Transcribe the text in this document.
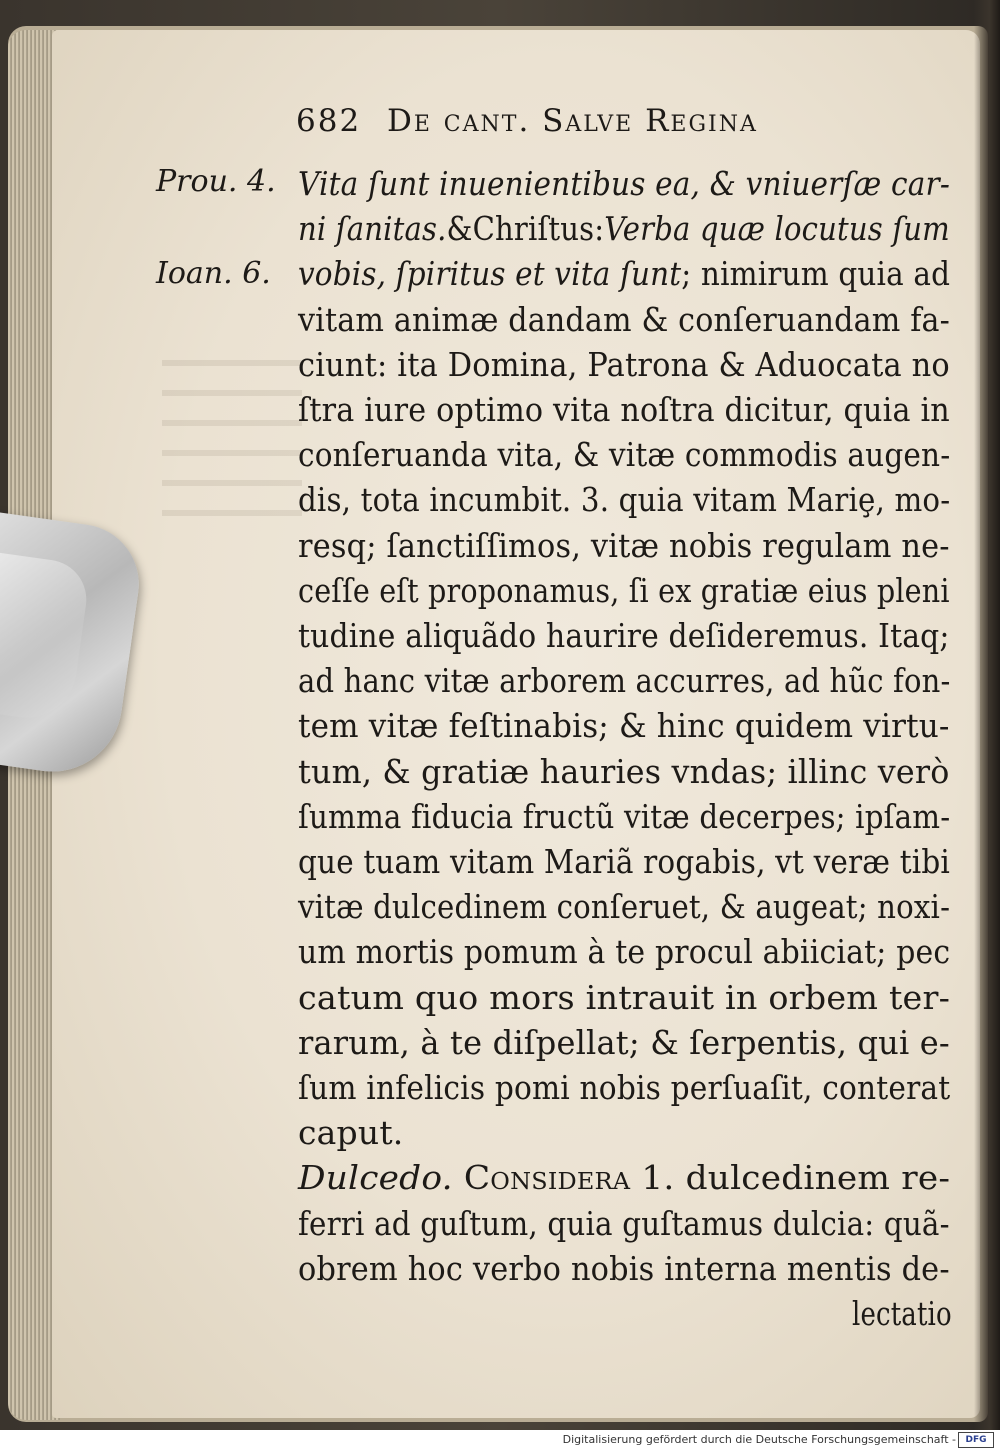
682 De cant. Salve Regina
Prou. 4.
Ioan. 6.
Vita ſunt inuenientibus ea, & vniuerſæ car-
ni ſanitas.&Chriſtus:Verba quæ locutus ſum
vobis, ſpiritus et vita ſunt; nimirum quia ad
vitam animæ dandam & conſeruandam fa-
ciunt: ita Domina, Patrona & Aduocata no
ſtra iure optimo vita noſtra dicitur, quia in
conſeruanda vita, & vitæ commodis augen-
dis, tota incumbit. 3. quia vitam Mariȩ, mo-
resq; ſanctiſſimos, vitæ nobis regulam ne-
ceſſe eſt proponamus, ſi ex gratiæ eius pleni
tudine aliquãdo haurire deſideremus. Itaq;
ad hanc vitæ arborem accurres, ad hũc fon-
tem vitæ feſtinabis; & hinc quidem virtu-
tum, & gratiæ hauries vndas; illinc verò
ſumma fiducia fructũ vitæ decerpes; ipſam-
que tuam vitam Mariã rogabis, vt veræ tibi
vitæ dulcedinem conſeruet, & augeat; noxi-
um mortis pomum à te procul abiiciat; pec
catum quo mors intrauit in orbem ter-
rarum, à te diſpellat; & ſerpentis, qui e-
ſum infelicis pomi nobis perſuaſit, conterat
caput.
Dulcedo. Considera 1. dulcedinem re-
ferri ad guſtum, quia guſtamus dulcia: quã-
obrem hoc verbo nobis interna mentis de-
lectatio
Digitalisierung gefördert durch die Deutsche Forschungsgemeinschaft -	DFG
